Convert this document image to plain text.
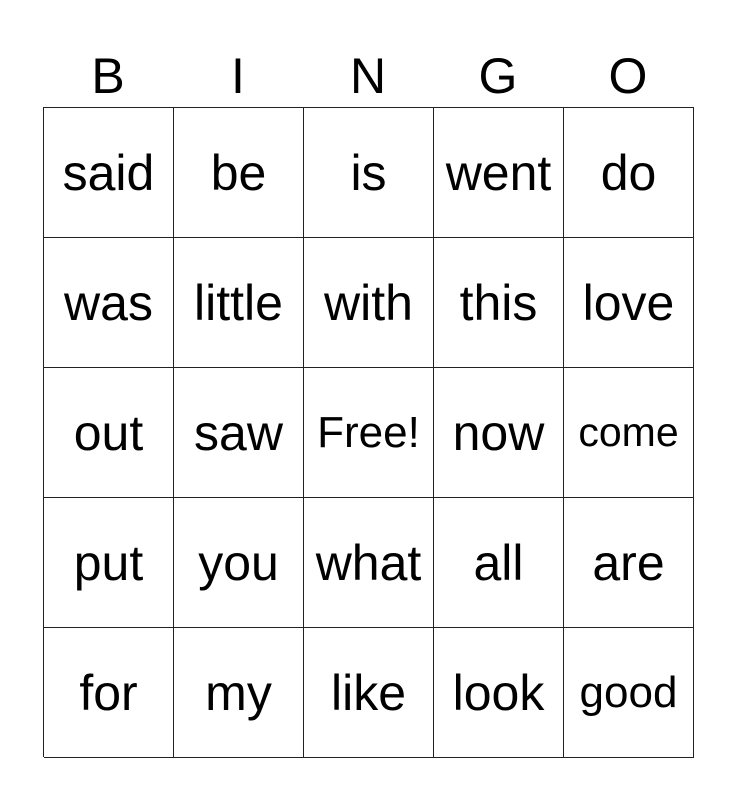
B	I	N	G	O
said	be	is	went do
was little with this love
out	saw Free! now come
put	you what	all	are
for	my	like look good
